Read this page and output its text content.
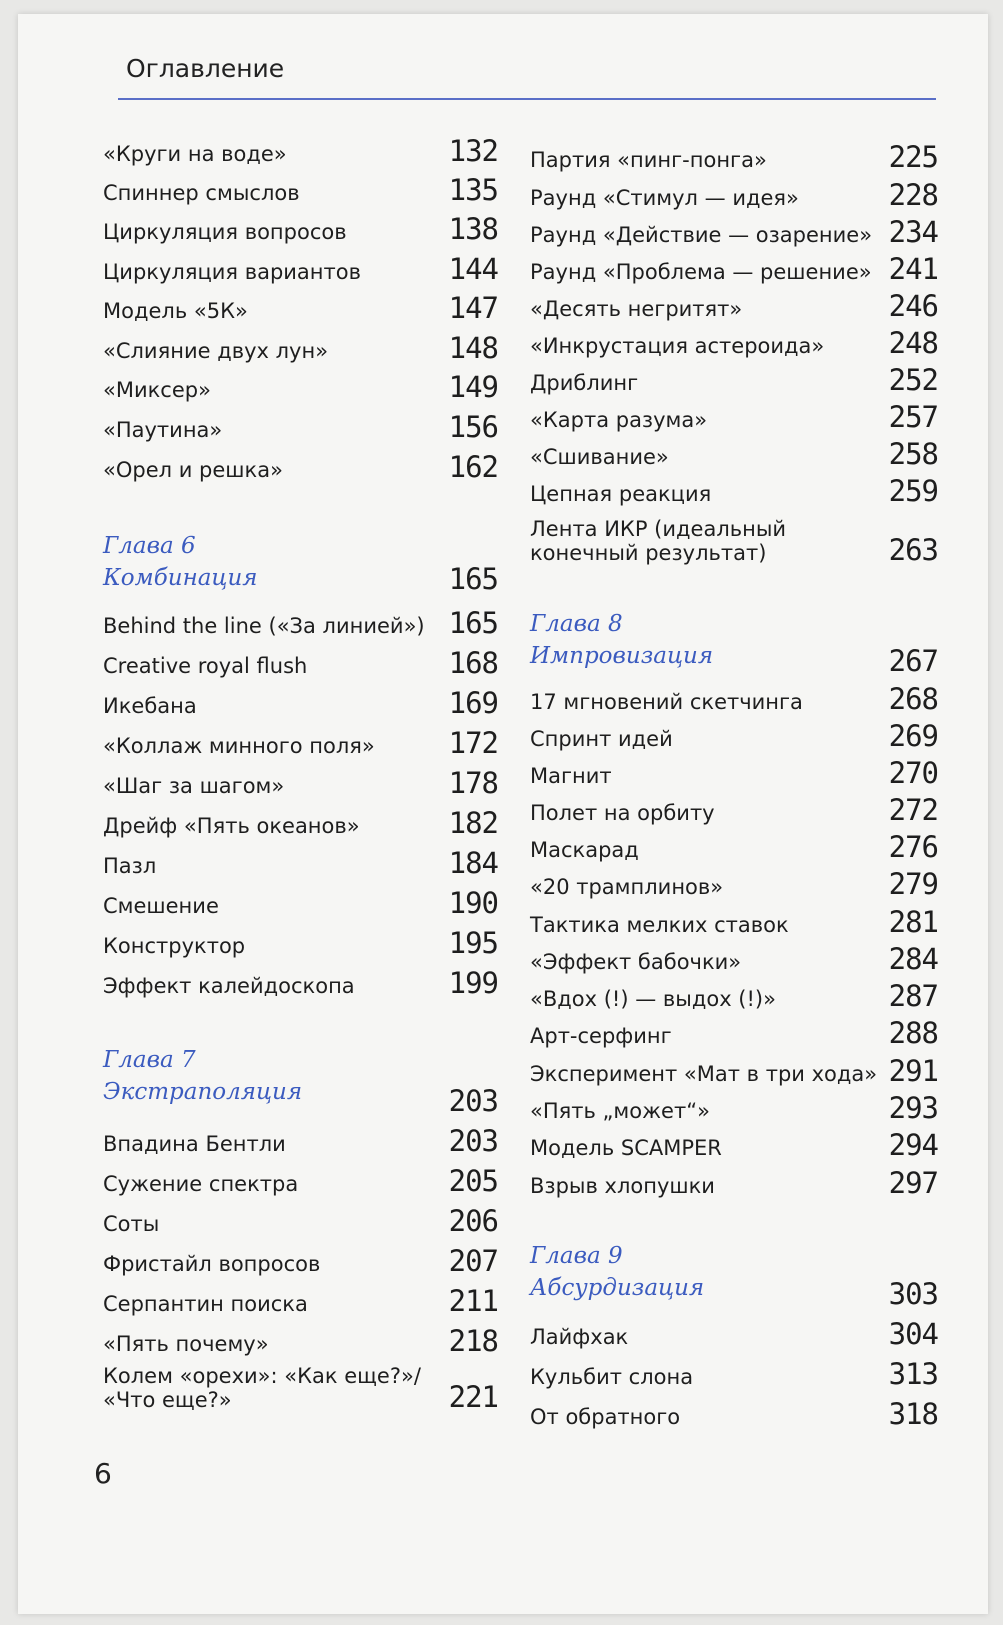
Оглавление
«Круги на воде»	132
Спиннер смыслов	135
Циркуляция вопросов	138
Циркуляция вариантов	144
Модель «5К»	147
«Слияние двух лун»	148
«Миксер»	149
«Паутина»	156
«Орел и решка»	162
Глава 6
Комбинация	165
Behind the line («За линией») 165
Creative royal flush	168
Икебана	169
«Коллаж минного поля»	172
«Шаг за шагом»	178
Дрейф «Пять океанов»	182
Пазл	184
Смешение	190
Конструктор	195
Эффект калейдоскопа	199
Глава 7
Экстраполяция	203
Впадина Бентли	203
Сужение спектра	205
Соты	206
Фристайл вопросов	207
Серпантин поиска	211
«Пять почему»	218
Колем «орехи»: «Как еще?»/ «Что еще?»	221
Партия «пинг-понга»	225
Раунд «Стимул — идея»	228
Раунд «Действие — озарение» 234
Раунд «Проблема — решение» 241
«Десять негритят»	246
«Инкрустация астероида» 248
Дриблинг	252
«Карта разума»	257
«Сшивание»	258
Цепная реакция	259
Лента ИКР (идеальный конечный результат)	263
Глава 8
Импровизация	267
17 мгновений скетчинга	268
Спринт идей	269
Магнит	270
Полет на орбиту	272
Маскарад	276
«20 трамплинов»	279
Тактика мелких ставок	281
«Эффект бабочки»	284
«Вдох (!) — выдох (!)»	287
Арт-серфинг	288
Эксперимент «Мат в три хода» 291
«Пять „может“»	293
Модель SCAMPER	294
Взрыв хлопушки	297
Глава 9
Абсурдизация	303
Лайфхак	304
Кульбит слона	313
От обратного	318
6
